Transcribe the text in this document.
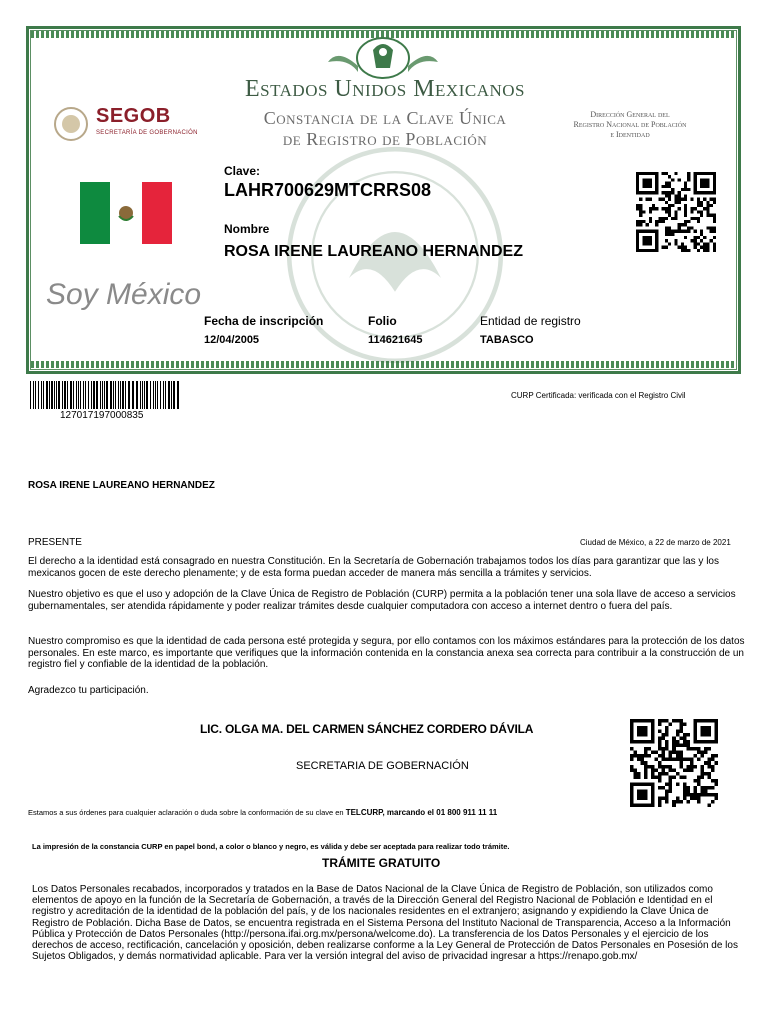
Estados Unidos Mexicanos
Constancia de la Clave Única
de Registro de Población
SEGOB
SECRETARÍA DE GOBERNACIÓN
Dirección General del
Registro Nacional de Población
e Identidad
Clave:
LAHR700629MTCRRS08
Nombre
ROSA IRENE LAUREANO HERNANDEZ
Soy México
Fecha de inscripción
12/04/2005
Folio
114621645
Entidad de registro
TABASCO
127017197000835
CURP Certificada: verificada con el Registro Civil
ROSA IRENE LAUREANO HERNANDEZ
PRESENTE	Ciudad de México, a 22 de marzo de 2021
El derecho a la identidad está consagrado en nuestra Constitución. En la Secretaría de Gobernación trabajamos todos los días para garantizar que las y los mexicanos gocen de este derecho plenamente; y de esta forma puedan acceder de manera más sencilla a trámites y servicios.
Nuestro objetivo es que el uso y adopción de la Clave Única de Registro de Población (CURP) permita a la población tener una sola llave de acceso a servicios gubernamentales, ser atendida rápidamente y poder realizar trámites desde cualquier computadora con acceso a internet dentro o fuera del país.
Nuestro compromiso es que la identidad de cada persona esté protegida y segura, por ello contamos con los máximos estándares para la protección de los datos personales. En este marco, es importante que verifiques que la información contenida en la constancia anexa sea correcta para contribuir a la construcción de un registro fiel y confiable de la identidad de la población.
Agradezco tu participación.
LIC. OLGA MA. DEL CARMEN SÁNCHEZ CORDERO DÁVILA
SECRETARIA DE GOBERNACIÓN
Estamos a sus órdenes para cualquier aclaración o duda sobre la conformación de su clave en TELCURP, marcando el 01 800 911 11 11
La impresión de la constancia CURP en papel bond, a color o blanco y negro, es válida y debe ser aceptada para realizar todo trámite.
TRÁMITE GRATUITO
Los Datos Personales recabados, incorporados y tratados en la Base de Datos Nacional de la Clave Única de Registro de Población, son utilizados como elementos de apoyo en la función de la Secretaría de Gobernación, a través de la Dirección General del Registro Nacional de Población e Identidad en el registro y acreditación de la identidad de la población del país, y de los nacionales residentes en el extranjero; asignando y expidiendo la Clave Única de Registro de Población. Dicha Base de Datos, se encuentra registrada en el Sistema Persona del Instituto Nacional de Transparencia, Acceso a la Información Pública y Protección de Datos Personales (http://persona.ifai.org.mx/persona/welcome.do). La transferencia de los Datos Personales y el ejercicio de los derechos de acceso, rectificación, cancelación y oposición, deben realizarse conforme a la Ley General de Protección de Datos Personales en Posesión de los Sujetos Obligados, y demás normatividad aplicable. Para ver la versión integral del aviso de privacidad ingresar a https://renapo.gob.mx/
